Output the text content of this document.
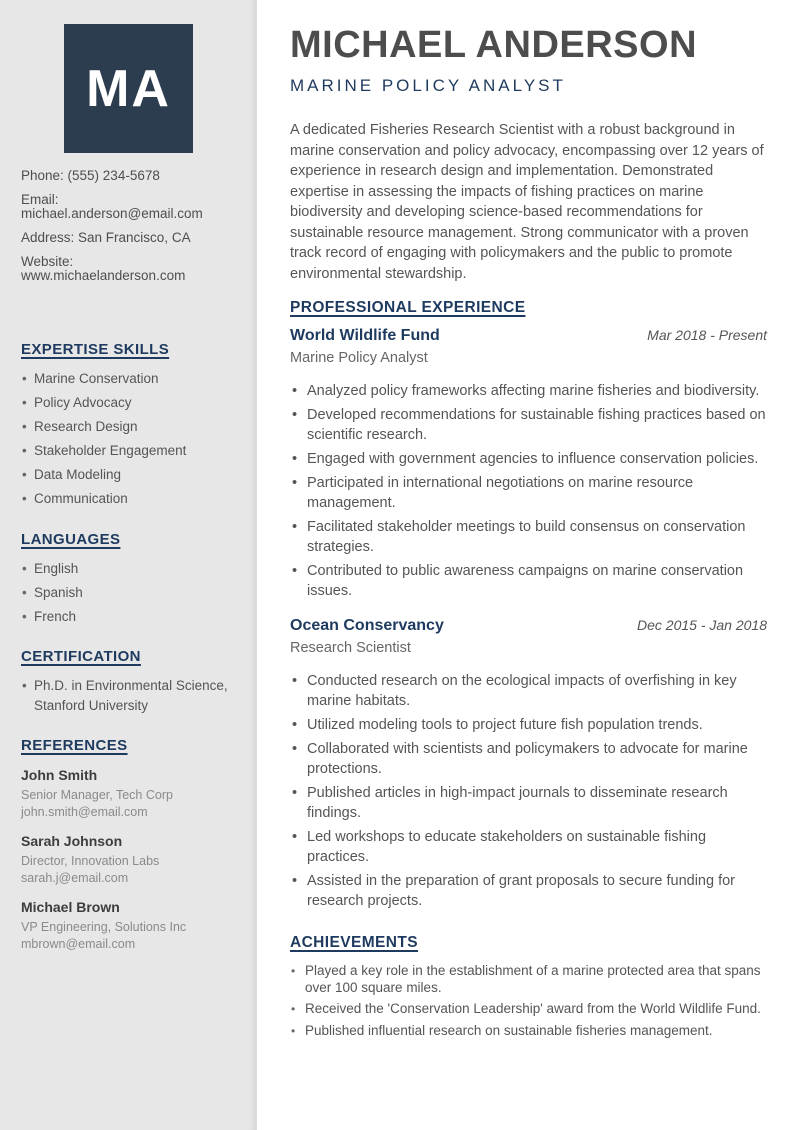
MA

Phone: (555) 234-5678

Email: michael.anderson@email.com

Address: San Francisco, CA

Website: www.michaelanderson.com

EXPERTISE SKILLS
• Marine Conservation
• Policy Advocacy
• Research Design
• Stakeholder Engagement
• Data Modeling
• Communication
LANGUAGES
• English
• Spanish
• French
CERTIFICATION
• Ph.D. in Environmental Science, Stanford University
REFERENCES

John Smith

Senior Manager, Tech Corp

john.smith@email.com

Sarah Johnson

Director, Innovation Labs

sarah.j@email.com

Michael Brown

VP Engineering, Solutions Inc

mbrown@email.com

MICHAEL ANDERSON

MARINE POLICY ANALYST

A dedicated Fisheries Research Scientist with a robust background in marine conservation and policy advocacy, encompassing over 12 years of experience in research design and implementation. Demonstrated expertise in assessing the impacts of fishing practices on marine biodiversity and developing science-based recommendations for sustainable resource management. Strong communicator with a proven track record of engaging with policymakers and the public to promote environmental stewardship.

PROFESSIONAL EXPERIENCE
World Wildlife Fund	Mar 2018 - Present

Marine Policy Analyst

• Analyzed policy frameworks affecting marine fisheries and biodiversity.
• Developed recommendations for sustainable fishing practices based on scientific research.
• Engaged with government agencies to influence conservation policies.
• Participated in international negotiations on marine resource management.
• Facilitated stakeholder meetings to build consensus on conservation strategies.
• Contributed to public awareness campaigns on marine conservation issues.
Ocean Conservancy	Dec 2015 - Jan 2018

Research Scientist

• Conducted research on the ecological impacts of overfishing in key marine habitats.
• Utilized modeling tools to project future fish population trends.
• Collaborated with scientists and policymakers to advocate for marine protections.
• Published articles in high-impact journals to disseminate research findings.
• Led workshops to educate stakeholders on sustainable fishing practices.
• Assisted in the preparation of grant proposals to secure funding for research projects.
ACHIEVEMENTS
• Played a key role in the establishment of a marine protected area that spans over 100 square miles.
• Received the 'Conservation Leadership' award from the World Wildlife Fund.
• Published influential research on sustainable fisheries management.
